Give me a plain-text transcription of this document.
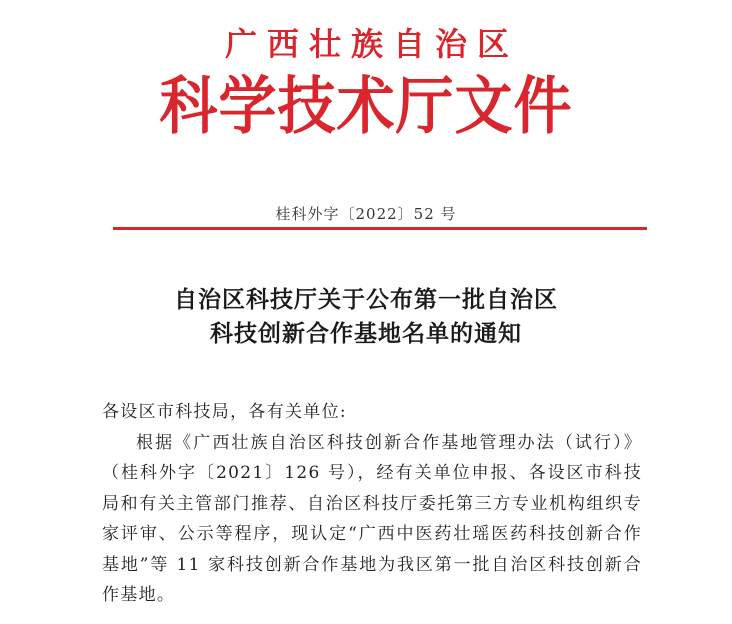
广西壮族自治区
科学技术厅文件

桂科外字〔2022〕52 号

自治区科技厅关于公布第一批自治区
科技创新合作基地名单的通知

各设区市科技局，各有关单位:

根据《广西壮族自治区科技创新合作基地管理办法（试行）》（桂科外字〔2021〕126 号），经有关单位申报、各设区市科技局和有关主管部门推荐、自治区科技厅委托第三方专业机构组织专家评审、公示等程序，现认定“广西中医药壮瑶医药科技创新合作基地”等 11 家科技创新合作基地为我区第一批自治区科技创新合作基地。
